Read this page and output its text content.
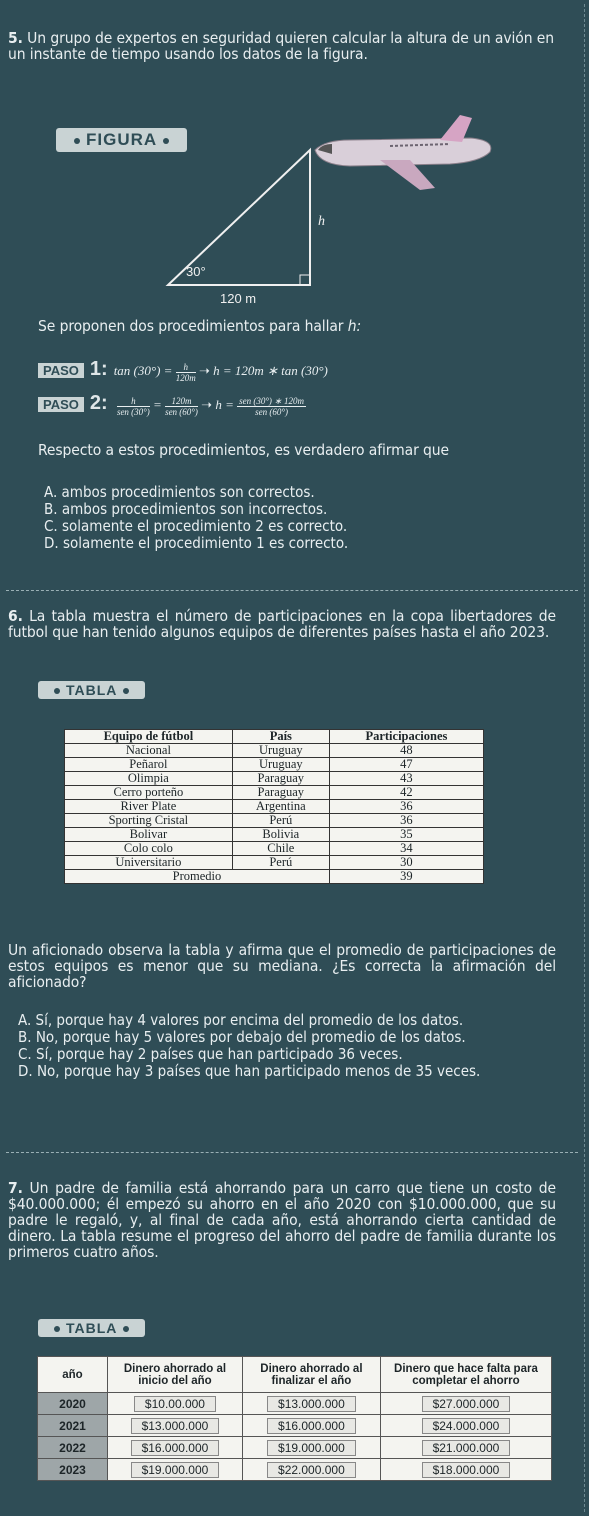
5. Un grupo de expertos en seguridad quieren calcular la altura de un avión en un instante de tiempo usando los datos de la figura.
FIGURA
h
30°
120 m
Se proponen dos procedimientos para hallar h:
PASO 1: $\tan (30^\circ) = \frac{h}{120m}$ ➝ h = 120m ∗ tan (30°)
PASO 2: $\frac{h}{\text{sen (30°)}} = \frac{120m}{\text{sen (60°)}}$ ➝ $h = \frac{\text{sen (30°) ∗ 120m}}{\text{sen (60°)}}$
Respecto a estos procedimientos, es verdadero afirmar que
A. ambos procedimientos son correctos.
B. ambos procedimientos son incorrectos.
C. solamente el procedimiento 2 es correcto.
D. solamente el procedimiento 1 es correcto.
6. La tabla muestra el número de participaciones en la copa libertadores de futbol que han tenido algunos equipos de diferentes países hasta el año 2023.
TABLA
Equipo de fútbol	País	Participaciones
Nacional	Uruguay	48
Peñarol	Uruguay	47
Olimpia	Paraguay	43
Cerro porteño	Paraguay	42
River Plate	Argentina	36
Sporting Cristal	Perú	36
Bolivar	Bolivia	35
Colo colo	Chile	34
Universitario	Perú	30
Promedio		39
Un aficionado observa la tabla y afirma que el promedio de participaciones de estos equipos es menor que su mediana. ¿Es correcta la afirmación del aficionado?
A. Sí, porque hay 4 valores por encima del promedio de los datos.
B. No, porque hay 5 valores por debajo del promedio de los datos.
C. Sí, porque hay 2 países que han participado 36 veces.
D. No, porque hay 3 países que han participado menos de 35 veces.
7. Un padre de familia está ahorrando para un carro que tiene un costo de $40.000.000; él empezó su ahorro en el año 2020 con $10.000.000, que su padre le regaló, y, al final de cada año, está ahorrando cierta cantidad de dinero. La tabla resume el progreso del ahorro del padre de familia durante los primeros cuatro años.
TABLA
año	Dinero ahorrado al inicio del año	Dinero ahorrado al finalizar el año	Dinero que hace falta para completar el ahorro
2020	$10.00.000	$13.000.000	$27.000.000
2021	$13.000.000	$16.000.000	$24.000.000
2022	$16.000.000	$19.000.000	$21.000.000
2023	$19.000.000	$22.000.000	$18.000.000
